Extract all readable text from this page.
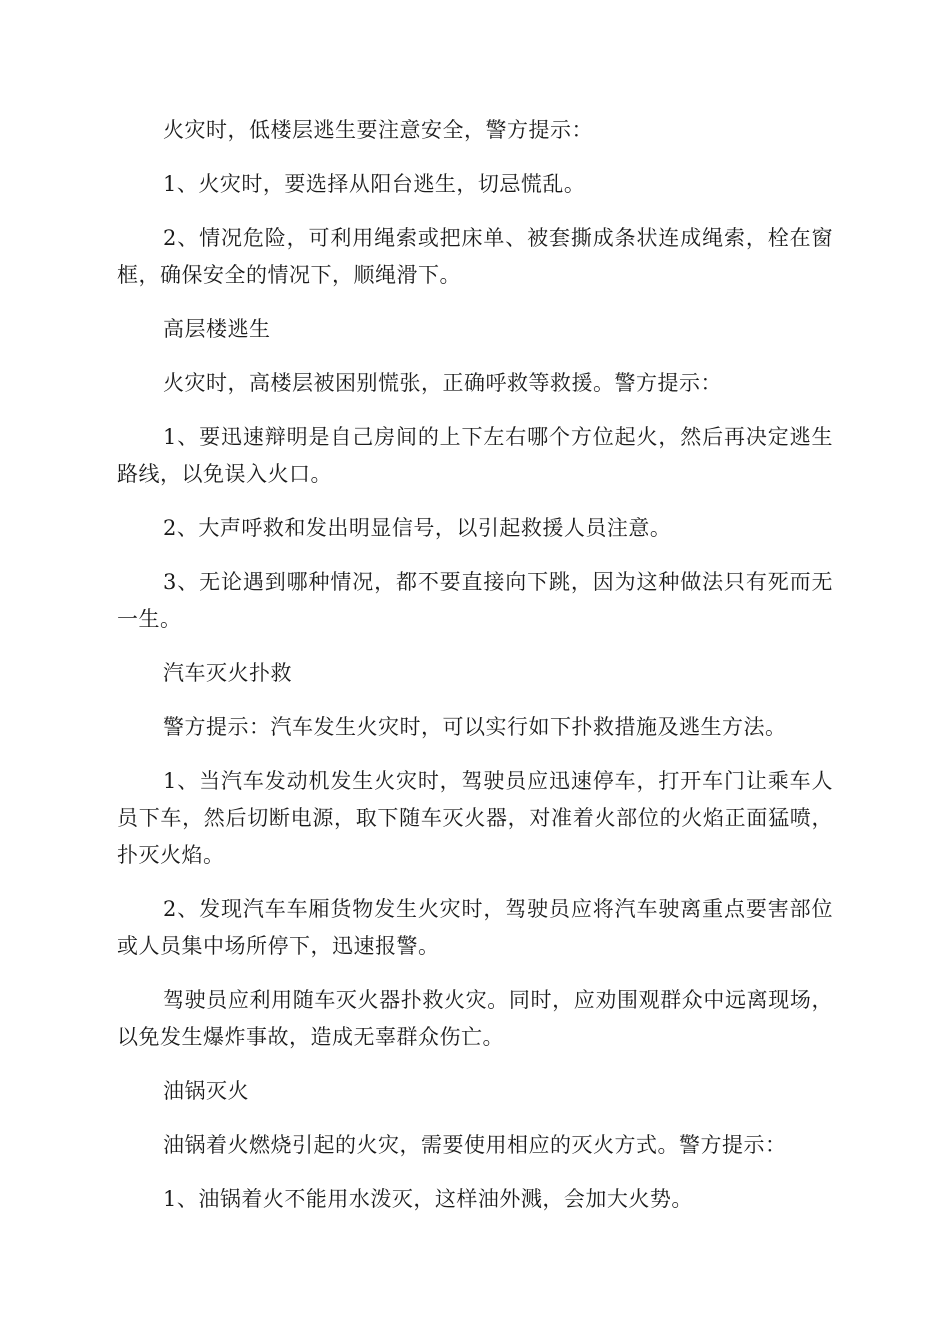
火灾时，低楼层逃生要注意安全，警方提示：

1、火灾时，要选择从阳台逃生，切忌慌乱。

2、情况危险，可利用绳索或把床单、被套撕成条状连成绳索，栓在窗框，确保安全的情况下，顺绳滑下。

高层楼逃生

火灾时，高楼层被困别慌张，正确呼救等救援。警方提示：

1、要迅速辩明是自己房间的上下左右哪个方位起火，然后再决定逃生路线，以免误入火口。

2、大声呼救和发出明显信号，以引起救援人员注意。

3、无论遇到哪种情况，都不要直接向下跳，因为这种做法只有死而无一生。

汽车灭火扑救

警方提示：汽车发生火灾时，可以实行如下扑救措施及逃生方法。

1、当汽车发动机发生火灾时，驾驶员应迅速停车，打开车门让乘车人员下车，然后切断电源，取下随车灭火器，对准着火部位的火焰正面猛喷，扑灭火焰。

2、发现汽车车厢货物发生火灾时，驾驶员应将汽车驶离重点要害部位或人员集中场所停下，迅速报警。

驾驶员应利用随车灭火器扑救火灾。同时，应劝围观群众中远离现场，以免发生爆炸事故，造成无辜群众伤亡。

油锅灭火

油锅着火燃烧引起的火灾，需要使用相应的灭火方式。警方提示：

1、油锅着火不能用水泼灭，这样油外溅，会加大火势。
